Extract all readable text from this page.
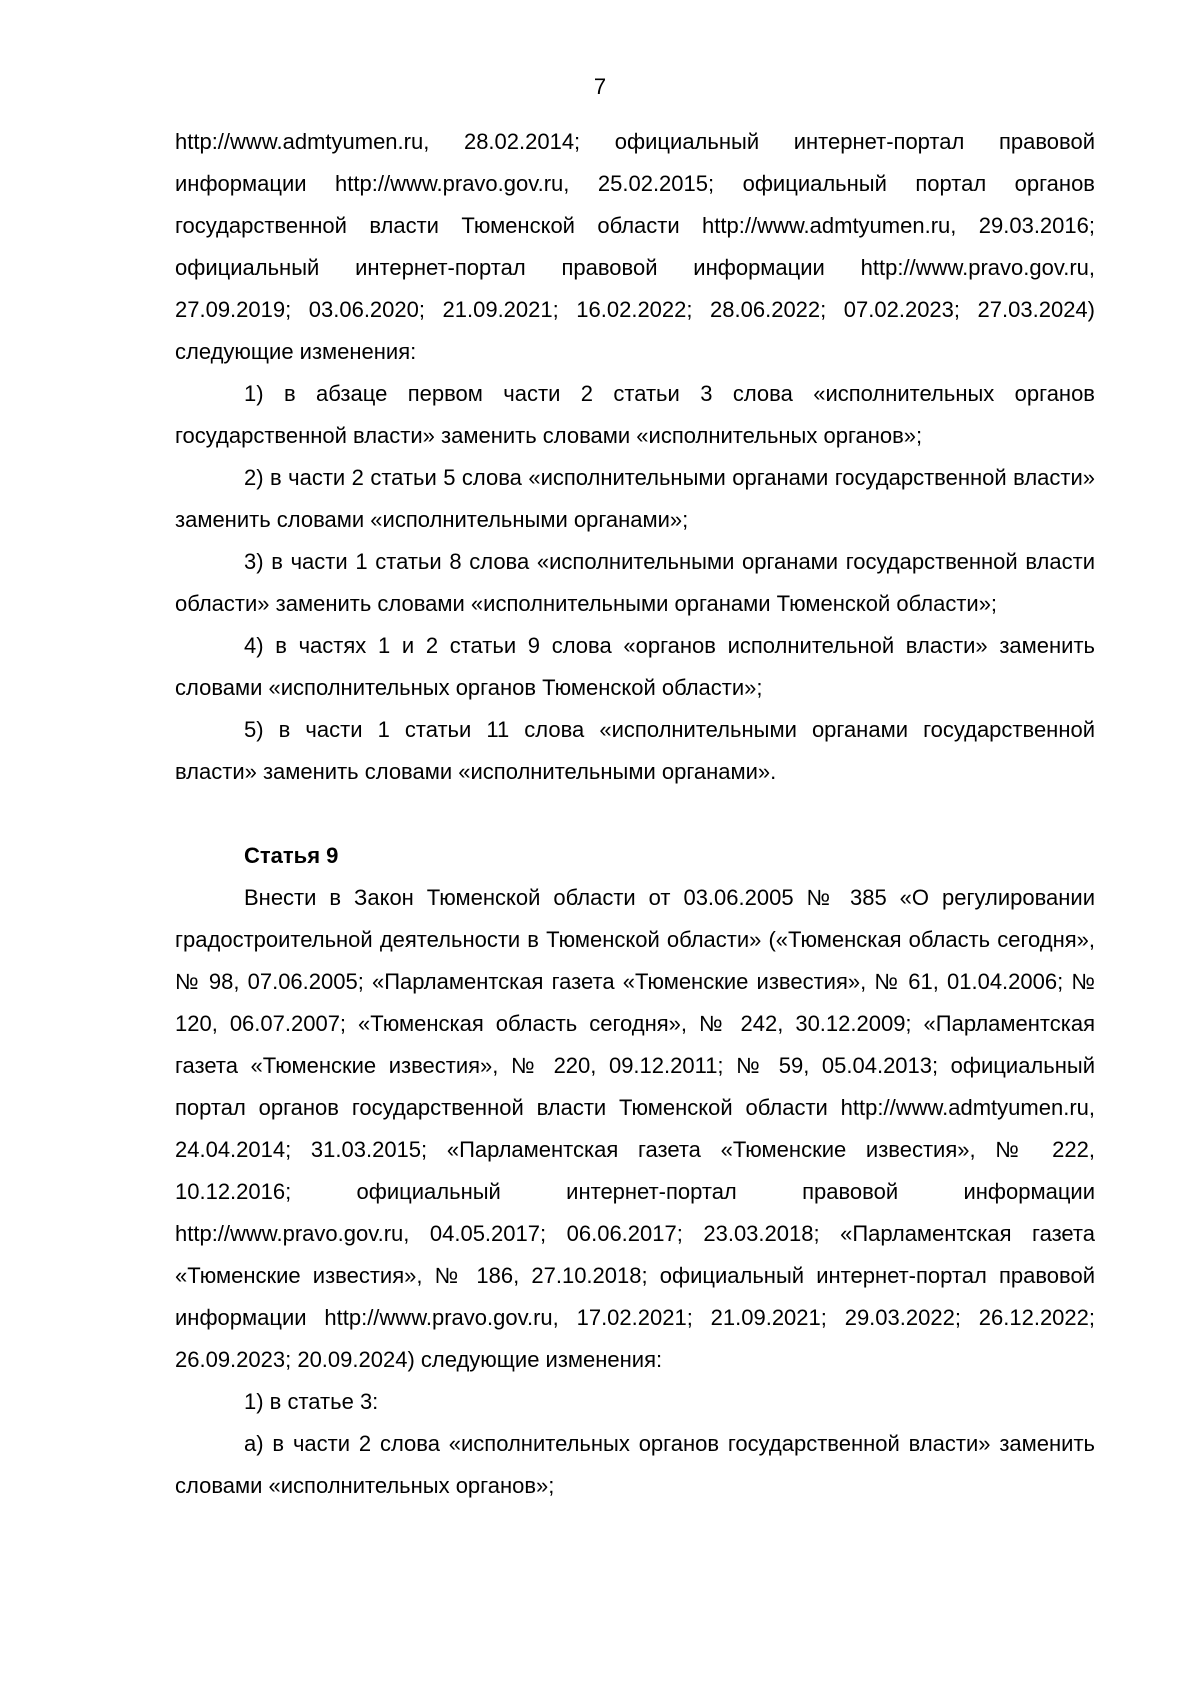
7

http://www.admtyumen.ru, 28.02.2014; официальный интернет-портал правовой информации http://www.pravo.gov.ru, 25.02.2015; официальный портал органов государственной власти Тюменской области http://www.admtyumen.ru, 29.03.2016; официальный интернет-портал правовой информации http://www.pravo.gov.ru, 27.09.2019; 03.06.2020; 21.09.2021; 16.02.2022; 28.06.2022; 07.02.2023; 27.03.2024) следующие изменения:

1) в абзаце первом части 2 статьи 3 слова «исполнительных органов государственной власти» заменить словами «исполнительных органов»;

2) в части 2 статьи 5 слова «исполнительными органами государственной власти» заменить словами «исполнительными органами»;

3) в части 1 статьи 8 слова «исполнительными органами государственной власти области» заменить словами «исполнительными органами Тюменской области»;

4) в частях 1 и 2 статьи 9 слова «органов исполнительной власти» заменить словами «исполнительных органов Тюменской области»;

5) в части 1 статьи 11 слова «исполнительными органами государственной власти» заменить словами «исполнительными органами».

Статья 9

Внести в Закон Тюменской области от 03.06.2005 № 385 «О регулировании градостроительной деятельности в Тюменской области» («Тюменская область сегодня», № 98, 07.06.2005; «Парламентская газета «Тюменские известия», № 61, 01.04.2006; № 120, 06.07.2007; «Тюменская область сегодня», № 242, 30.12.2009; «Парламентская газета «Тюменские известия», № 220, 09.12.2011; № 59, 05.04.2013; официальный портал органов государственной власти Тюменской области http://www.admtyumen.ru, 24.04.2014; 31.03.2015; «Парламентская газета «Тюменские известия», № 222, 10.12.2016; официальный интернет-портал правовой информации http://www.pravo.gov.ru, 04.05.2017; 06.06.2017; 23.03.2018; «Парламентская газета «Тюменские известия», № 186, 27.10.2018; официальный интернет-портал правовой информации http://www.pravo.gov.ru, 17.02.2021; 21.09.2021; 29.03.2022; 26.12.2022; 26.09.2023; 20.09.2024) следующие изменения:

1) в статье 3:

а) в части 2 слова «исполнительных органов государственной власти» заменить словами «исполнительных органов»;
